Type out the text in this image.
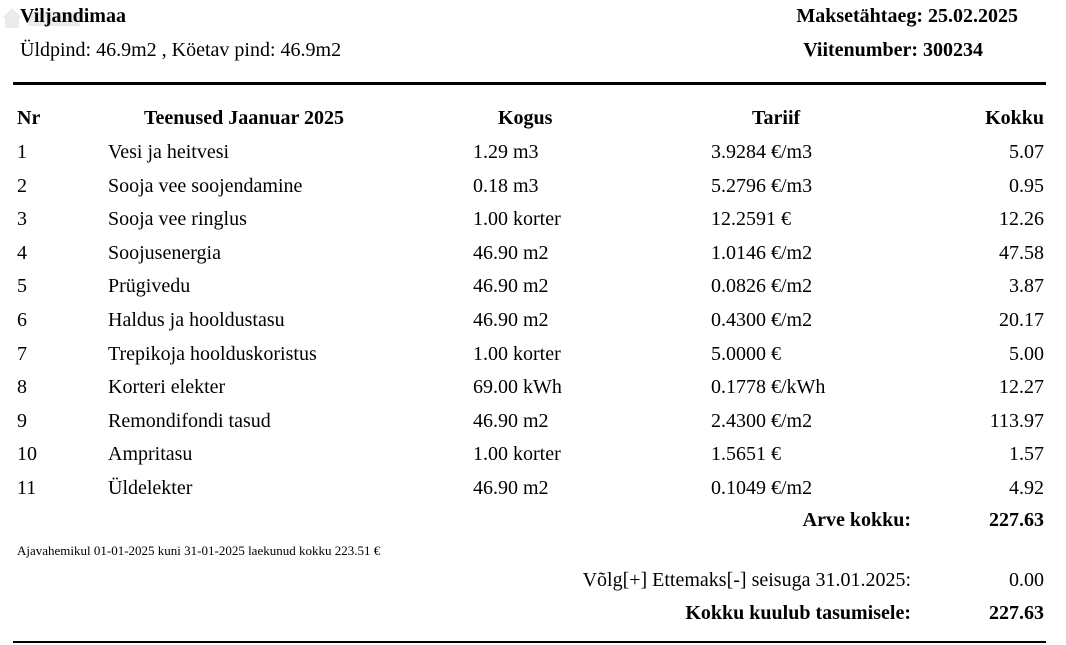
Viljandimaa
Üldpind: 46.9m2 , Köetav pind: 46.9m2
Maksetähtaeg: 25.02.2025
Viitenumber: 300234
Nr	Teenused Jaanuar 2025	Kogus	Tariif	Kokku
1	Vesi ja heitvesi	1.29 m3	3.9284 €/m3	5.07
2	Sooja vee soojendamine	0.18 m3	5.2796 €/m3	0.95
3	Sooja vee ringlus	1.00 korter	12.2591 €	12.26
4	Soojusenergia	46.90 m2	1.0146 €/m2	47.58
5	Prügivedu	46.90 m2	0.0826 €/m2	3.87
6	Haldus ja hooldustasu	46.90 m2	0.4300 €/m2	20.17
7	Trepikoja hoolduskoristus	1.00 korter	5.0000 €	5.00
8	Korteri elekter	69.00 kWh	0.1778 €/kWh	12.27
9	Remondifondi tasud	46.90 m2	2.4300 €/m2	113.97
10	Ampritasu	1.00 korter	1.5651 €	1.57
11	Üldelekter	46.90 m2	0.1049 €/m2	4.92
Arve kokku:	227.63
Ajavahemikul 01-01-2025 kuni 31-01-2025 laekunud kokku 223.51 €
Võlg[+] Ettemaks[-] seisuga 31.01.2025:	0.00
Kokku kuulub tasumisele:	227.63
